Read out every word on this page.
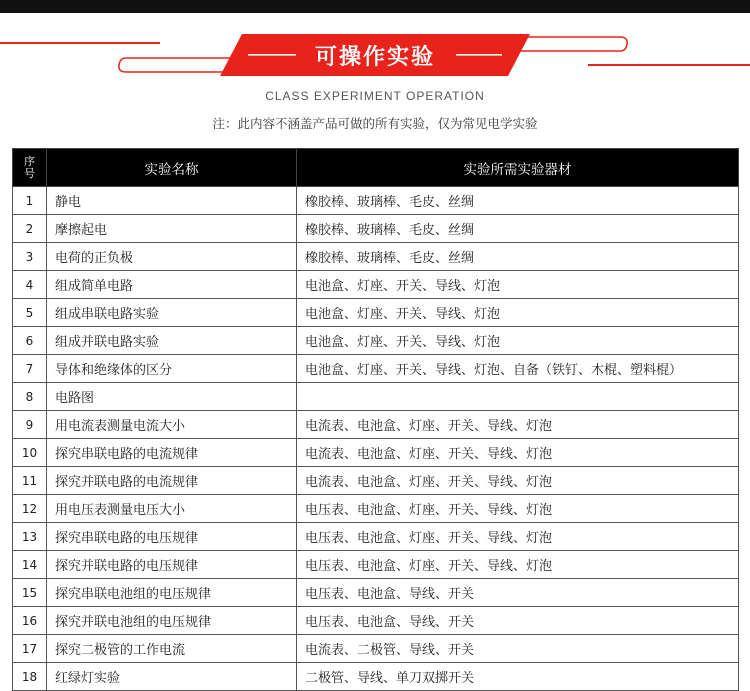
可操作实验
CLASS EXPERIMENT OPERATION
注：此内容不涵盖产品可做的所有实验，仅为常见电学实验
序
号	实验名称	实验所需实验器材
1	静电	橡胶棒、玻璃棒、毛皮、丝绸
2	摩擦起电	橡胶棒、玻璃棒、毛皮、丝绸
3	电荷的正负极	橡胶棒、玻璃棒、毛皮、丝绸
4	组成简单电路	电池盒、灯座、开关、导线、灯泡
5	组成串联电路实验	电池盒、灯座、开关、导线、灯泡
6	组成并联电路实验	电池盒、灯座、开关、导线、灯泡
7	导体和绝缘体的区分	电池盒、灯座、开关、导线、灯泡、自备（铁钉、木棍、塑料棍）
8	电路图	
9	用电流表测量电流大小	电流表、电池盒、灯座、开关、导线、灯泡
10	探究串联电路的电流规律	电流表、电池盒、灯座、开关、导线、灯泡
11	探究并联电路的电流规律	电流表、电池盒、灯座、开关、导线、灯泡
12	用电压表测量电压大小	电压表、电池盒、灯座、开关、导线、灯泡
13	探究串联电路的电压规律	电压表、电池盒、灯座、开关、导线、灯泡
14	探究并联电路的电压规律	电压表、电池盒、灯座、开关、导线、灯泡
15	探究串联电池组的电压规律	电压表、电池盒、导线、开关
16	探究并联电池组的电压规律	电压表、电池盒、导线、开关
17	探究二极管的工作电流	电流表、二极管、导线、开关
18	红绿灯实验	二极管、导线、单刀双掷开关
